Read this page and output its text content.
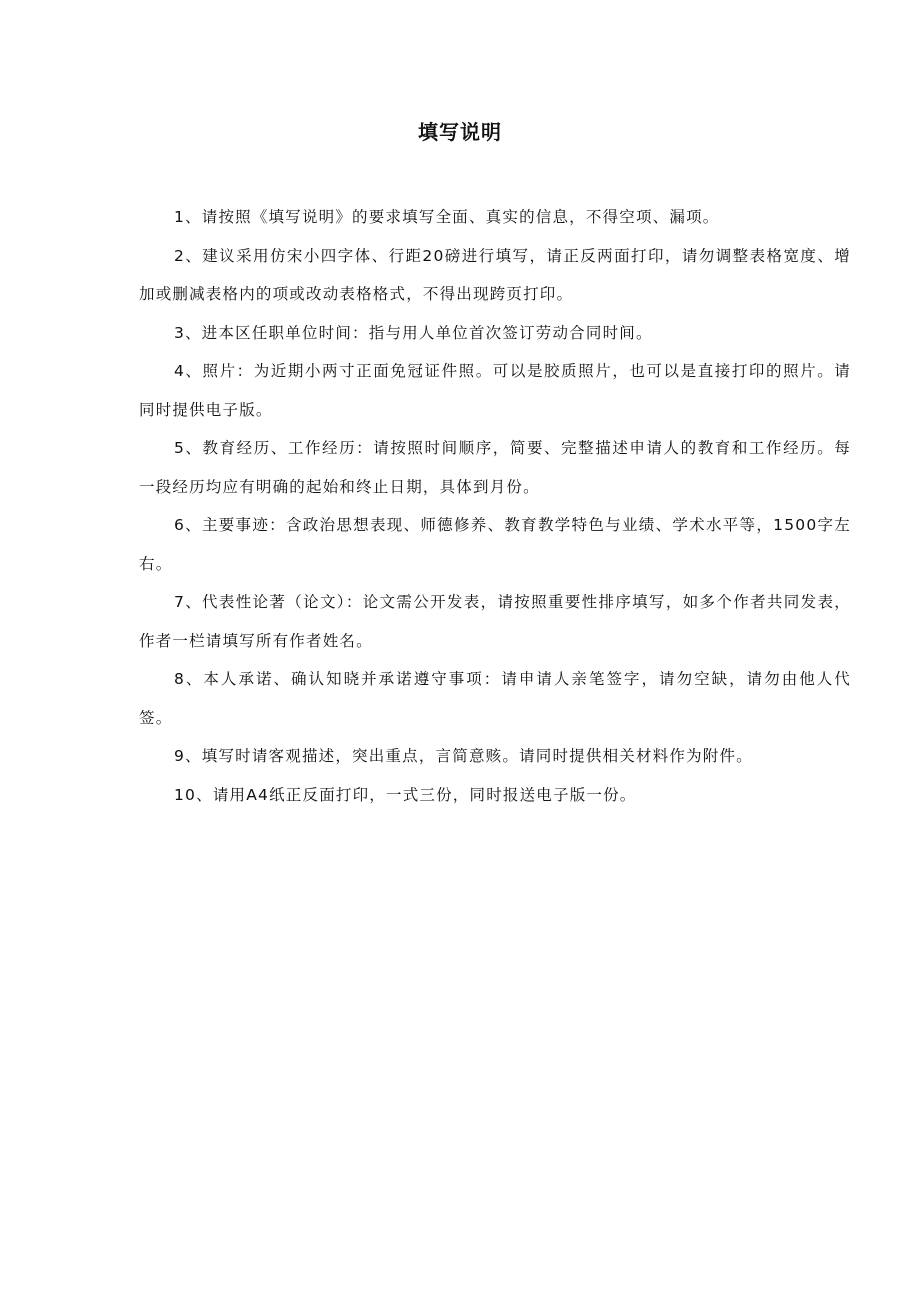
填写说明

1、请按照《填写说明》的要求填写全面、真实的信息，不得空项、漏项。

2、建议采用仿宋小四字体、行距20磅进行填写，请正反两面打印，请勿调整表格宽度、增加或删减表格内的项或改动表格格式，不得出现跨页打印。

3、进本区任职单位时间：指与用人单位首次签订劳动合同时间。

4、照片：为近期小两寸正面免冠证件照。可以是胶质照片，也可以是直接打印的照片。请同时提供电子版。

5、教育经历、工作经历：请按照时间顺序，简要、完整描述申请人的教育和工作经历。每一段经历均应有明确的起始和终止日期，具体到月份。

6、主要事迹：含政治思想表现、师德修养、教育教学特色与业绩、学术水平等，1500字左右。

7、代表性论著（论文）：论文需公开发表，请按照重要性排序填写，如多个作者共同发表，作者一栏请填写所有作者姓名。

8、本人承诺、确认知晓并承诺遵守事项：请申请人亲笔签字，请勿空缺，请勿由他人代签。

9、填写时请客观描述，突出重点，言简意赅。请同时提供相关材料作为附件。

10、请用A4纸正反面打印，一式三份，同时报送电子版一份。
